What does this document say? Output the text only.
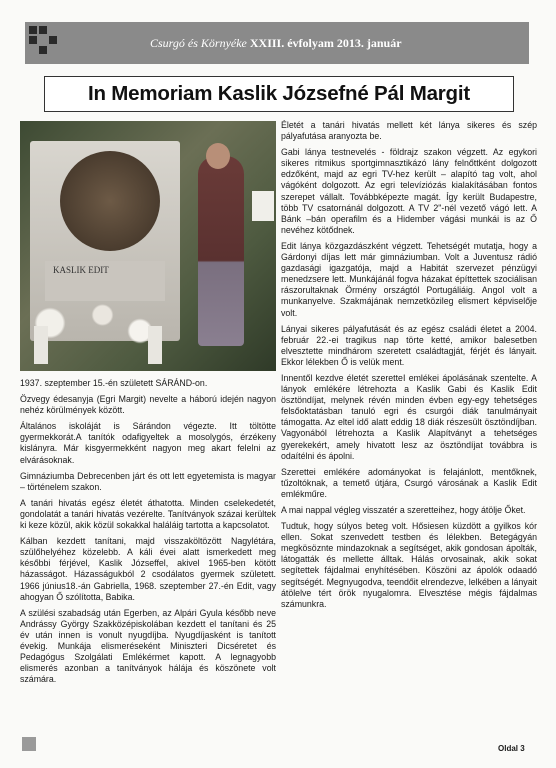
Csurgó és Környéke XXIII. évfolyam 2013. január
In Memoriam Kaslik Józsefné Pál Margit
KASLIK EDIT

1937. szeptember 15.-én született SÁRÁND-on.

Özvegy édesanyja (Egri Margit) nevelte a háború idején nagyon nehéz körülmények között.

Általános iskoláját is Sárándon végezte. Itt töltötte gyermekkorát.A tanítók odafigyeltek a mosolygós, érzékeny kislányra. Már kisgyermekként nagyon meg akart felelni az elvárásoknak.

Gimnáziumba Debrecenben járt és ott lett egyetemista is magyar – történelem szakon.

A tanári hivatás egész életét áthatotta. Minden cselekedetét, gondolatát a tanári hivatás vezérelte. Tanítványok százai kerültek ki keze közül, akik közül sokakkal haláláig tartotta a kapcsolatot.

Kálban kezdett tanítani, majd visszaköltözött Nagylétára, szülőhelyéhez közelebb. A káli évei alatt ismerkedett meg későbbi férjével, Kaslik Józseffel, akivel 1965-ben kötött házasságot. Házasságukból 2 csodálatos gyermek született. 1966 június18.-án Gabriella, 1968. szeptember 27.-én Edit, vagy ahogyan Ő szólította, Babika.

A szülési szabadság után Egerben, az Alpári Gyula később neve Andrássy György Szakközépiskolában kezdett el tanítani és 25 év után innen is vonult nyugdíjba. Nyugdíjasként is tanított évekig. Munkája elismeréseként Miniszteri Dicséretet és Pedagógus Szolgálati Emlékérmet kapott. A legnagyobb elismerés azonban a tanítványok hálája és köszönete volt számára.

Életét a tanári hivatás mellett két lánya sikeres és szép pályafutása aranyozta be.

Gabi lánya testnevelés - földrajz szakon végzett. Az egykori sikeres ritmikus sportgimnasztikázó lány felnőttként dolgozott edzőként, majd az egri TV-hez került – alapító tag volt, ahol vágóként dolgozott. Az egri televíziózás kialakításában fontos szerepet vállalt. Továbbképezte magát. Így került Budapestre, több TV csatornánál dolgozott. A TV 2"-nél vezető vágó lett. A Bánk –bán operafilm és a Hidember vágási munkái is az Ő nevéhez kötődnek.

Edit lánya közgazdászként végzett. Tehetségét mutatja, hogy a Gárdonyi díjas lett már gimnáziumban. Volt a Juventusz rádió gazdasági igazgatója, majd a Habitát szervezet pénzügyi menedzsere lett. Munkájánál fogva házakat építtettek szociálisan rászorultaknak Örmény országtól Portugáliáig. Angol volt a munkanyelve. Szakmájának nemzetközileg elismert képviselője volt.

Lányai sikeres pályafutását és az egész családi életet a 2004. február 22.-ei tragikus nap törte ketté, amikor balesetben elvesztette mindhárom szeretett családtagját, férjét és lányait. Ekkor lélekben Ő is velük ment.

Innentől kezdve életét szeretteI emlékei ápolásának szentelte. A lányok emlékére létrehozta a Kaslik Gabi és Kaslik Edit ösztöndíjat, melynek révén minden évben egy-egy tehetséges felsőoktatásban tanuló egri és csurgói diák tanulmányait támogatta. Az eltel idő alatt eddig 18 diák részesült ösztöndíjban. Vagyonából létrehozta a Kaslik Alapítványt a tehetséges gyerekekért, amely hivatott lesz az ösztöndíjat továbbra is odaítélni és ápolni.

Szerettei emlékére adományokat is felajánlott, mentőknek, tűzoltóknak, a temető útjára, Csurgó városának a Kaslik Edit emlékműre.

A mai nappal végleg visszatér a szeretteihez, hogy átölje Őket.

Tudtuk, hogy súlyos beteg volt. Hősiesen küzdött a gyilkos kór ellen. Sokat szenvedett testben és lélekben. Betegágyán megkösöznte mindazoknak a segítséget, akik gondosan ápolták, látogatták és mellette álltak. Hálás orvosainak, akik sokat segítettek fájdalmai enyhítésében. Köszöni az ápolók odaadó segítségét. Megnyugodva, teendőit elrendezve, lelkében a lányait átölelve tért örök nyugalomra. Elvesztése mégis fájdalmas számunkra.

Oldal 3
